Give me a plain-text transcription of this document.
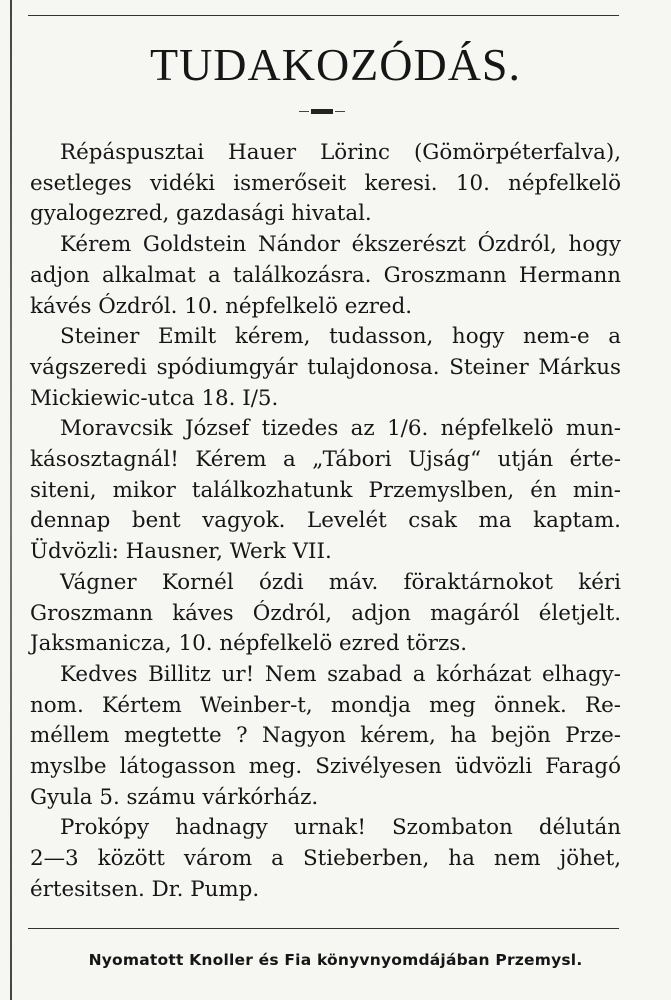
TUDAKOZÓDÁS.

Répáspusztai Hauer Lörinc (Gömörpéterfalva),
esetleges vidéki ismerőseit keresi. 10. népfelkelö
gyalogezred, gazdasági hivatal.

Kérem Goldstein Nándor ékszerészt Ózdról, hogy
adjon alkalmat a találkozásra. Groszmann Hermann
kávés Ózdról. 10. népfelkelö ezred.

Steiner Emilt kérem, tudasson, hogy nem-e a
vágszeredi spódiumgyár tulajdonosa. Steiner Márkus
Mickiewic-utca 18. I/5.

Moravcsik József tizedes az 1/6. népfelkelö mun-
kásosztagnál! Kérem a „Tábori Ujság“ utján érte-
siteni, mikor találkozhatunk Przemyslben, én min-
dennap bent vagyok. Levelét csak ma kaptam.
Üdvözli: Hausner, Werk VII.

Vágner Kornél ózdi máv. föraktárnokot kéri
Groszmann káves Ózdról, adjon magáról életjelt.
Jaksmanicza, 10. népfelkelö ezred törzs.

Kedves Billitz ur! Nem szabad a kórházat elhagy-
nom. Kértem Weinber-t, mondja meg önnek. Re-
méllem megtette ? Nagyon kérem, ha bejön Prze-
myslbe látogasson meg. Szivélyesen üdvözli Faragó
Gyula 5. számu várkórház.

Prokópy hadnagy urnak! Szombaton délután
2—3 között várom a Stieberben, ha nem jöhet,
értesitsen. Dr. Pump.

Nyomatott Knoller és Fia könyvnyomdájában Przemysl.
